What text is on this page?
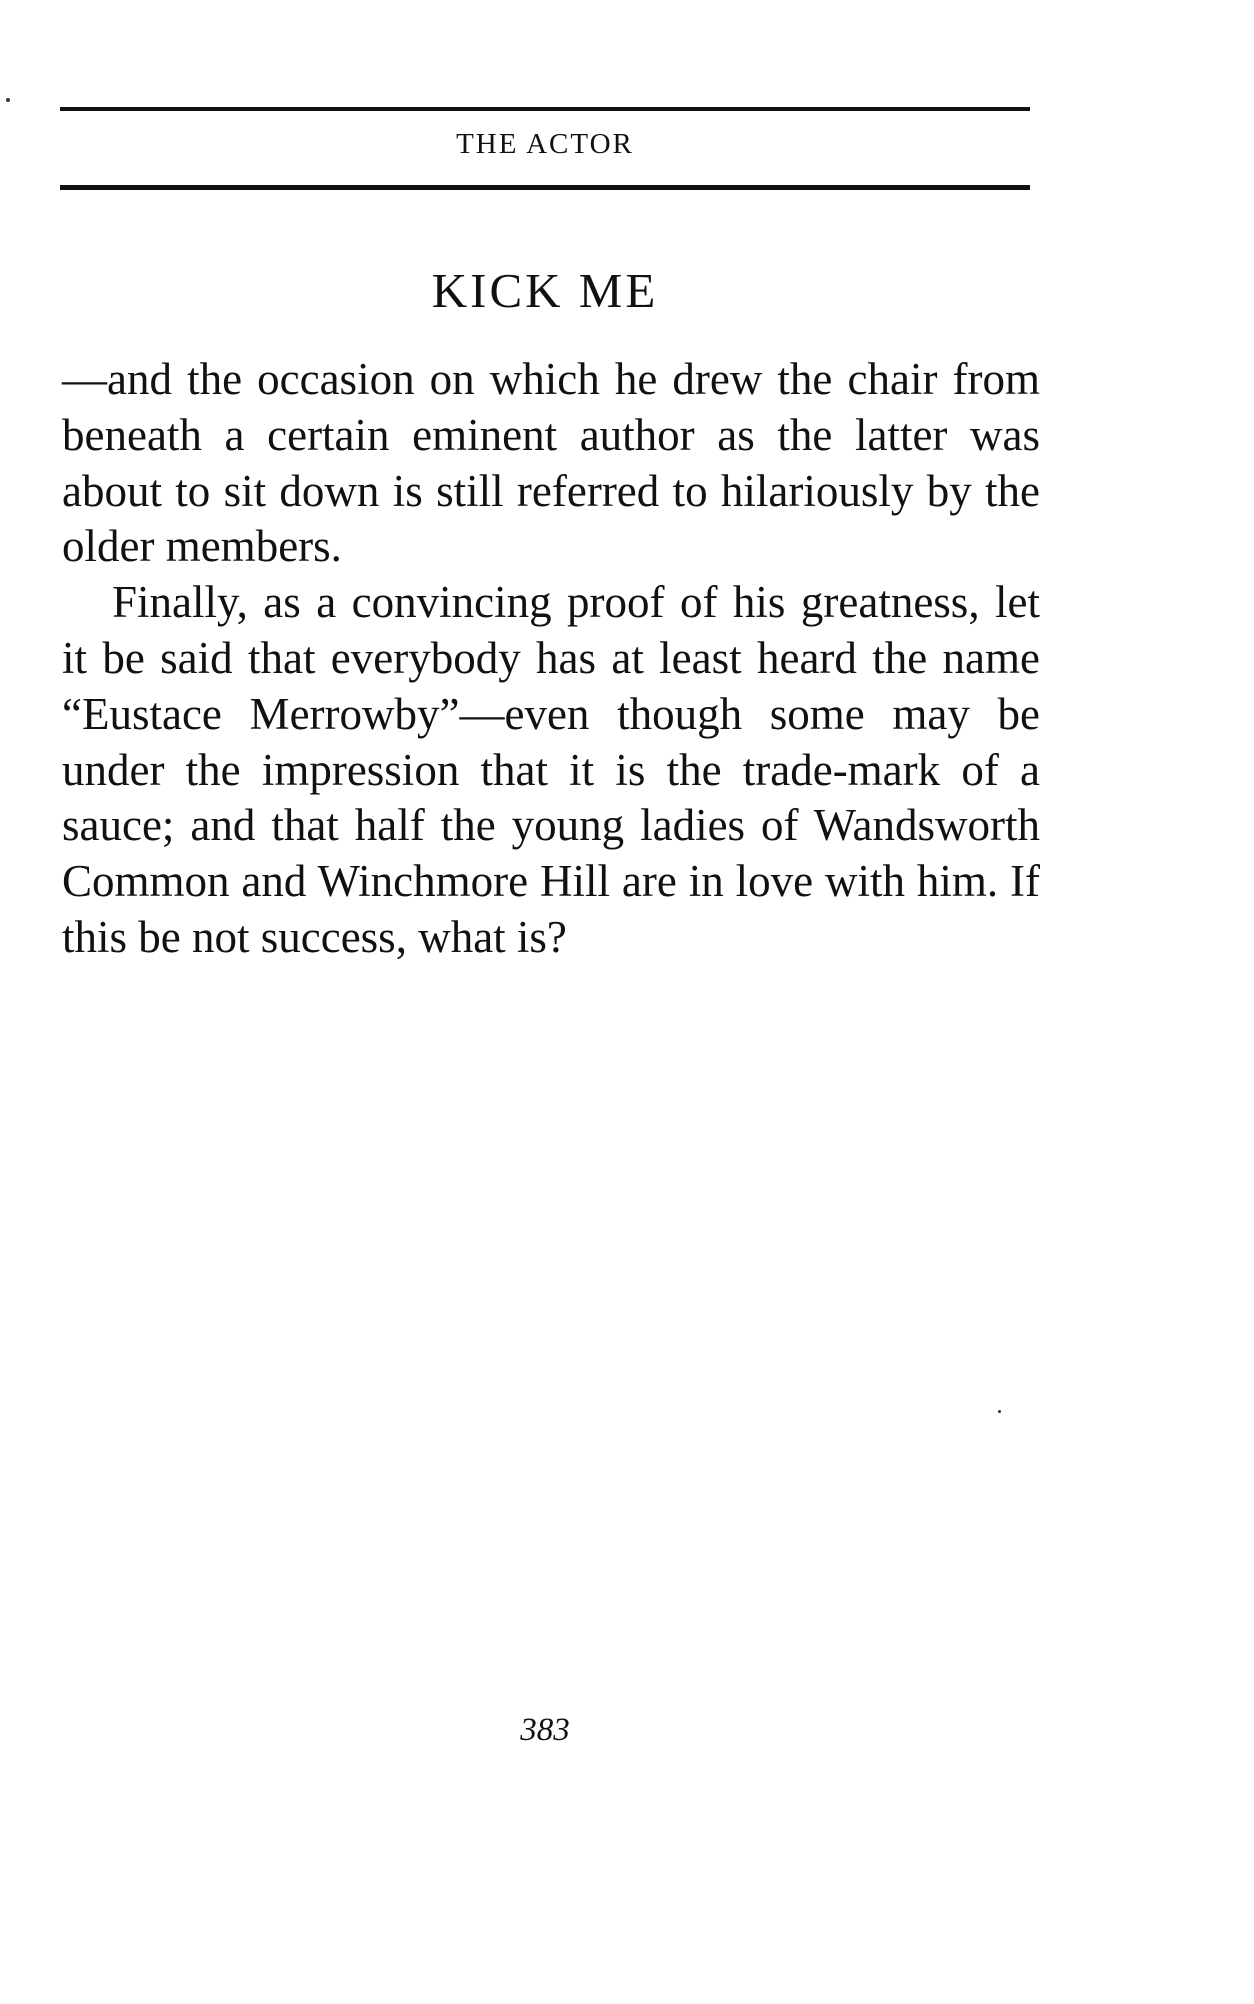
THE ACTOR
KICK ME

—and the occasion on which he drew the chair from beneath a certain eminent author as the latter was about to sit down is still referred to hilariously by the older members.

Finally, as a convincing proof of his greatness, let it be said that everybody has at least heard the name “Eustace Merrowby”—even though some may be under the impression that it is the trade-mark of a sauce; and that half the young ladies of Wandsworth Common and Winchmore Hill are in love with him. If this be not success, what is?

383
